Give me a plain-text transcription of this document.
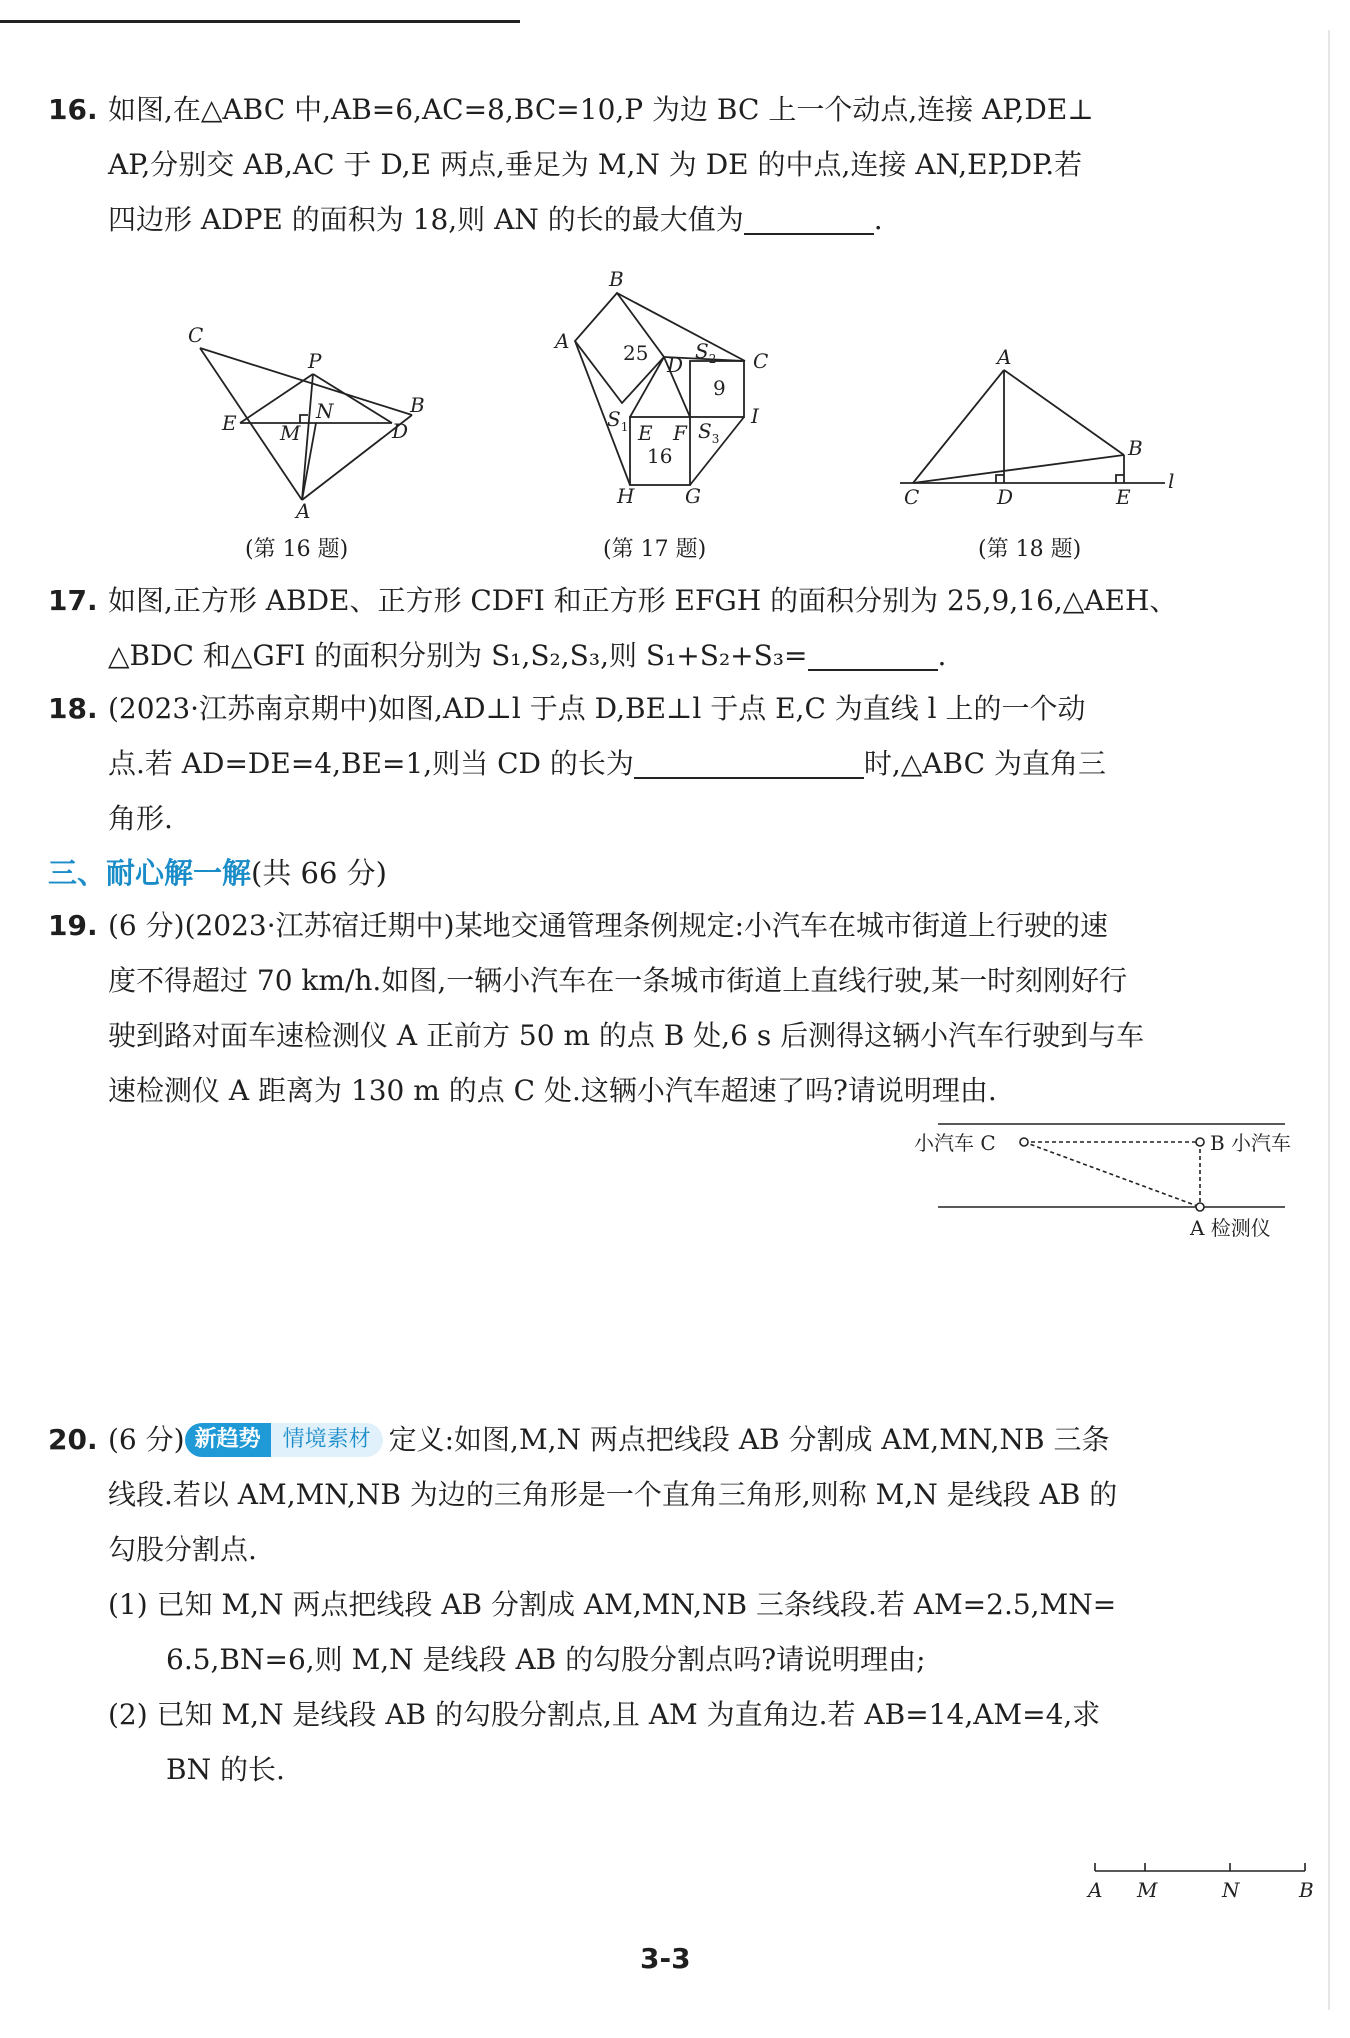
16. 如图,在△ABC 中,AB=6,AC=8,BC=10,P 为边 BC 上一个动点,连接 AP,DE⊥
AP,分别交 AB,AC 于 D,E 两点,垂足为 M,N 为 DE 的中点,连接 AN,EP,DP.若
四边形 ADPE 的面积为 18,则 AN 的长的最大值为	.
C
P
B
E	N
D
M
A
(第 16 题)
B
A
C
D
E F
H	G
I
$S_1$
$S_2$
$S_3$
25
9
16
(第 17 题)
A
B
C	D	E
l
(第 18 题)
17. 如图,正方形 ABDE、正方形 CDFI 和正方形 EFGH 的面积分别为 25,9,16,△AEH、
△BDC 和△GFI 的面积分别为 S₁,S₂,S₃,则 S₁+S₂+S₃=	.
18. (2023·江苏南京期中)如图,AD⊥l 于点 D,BE⊥l 于点 E,C 为直线 l 上的一个动
点.若 AD=DE=4,BE=1,则当 CD 的长为	时,△ABC 为直角三
角形.
三、耐心解一解(共 66 分)
19. (6 分)(2023·江苏宿迁期中)某地交通管理条例规定:小汽车在城市街道上行驶的速
度不得超过 70 km/h.如图,一辆小汽车在一条城市街道上直线行驶,某一时刻刚好行
驶到路对面车速检测仪 A 正前方 50 m 的点 B 处,6 s 后测得这辆小汽车行驶到与车
速检测仪 A 距离为 130 m 的点 C 处.这辆小汽车超速了吗?请说明理由.
小汽车 C	B 小汽车
A 检测仪
20. (6 分) 新趋势 情境素材 定义:如图,M,N 两点把线段 AB 分割成 AM,MN,NB 三条
线段.若以 AM,MN,NB 为边的三角形是一个直角三角形,则称 M,N 是线段 AB 的
勾股分割点.
(1) 已知 M,N 两点把线段 AB 分割成 AM,MN,NB 三条线段.若 AM=2.5,MN=
6.5,BN=6,则 M,N 是线段 AB 的勾股分割点吗?请说明理由;
(2) 已知 M,N 是线段 AB 的勾股分割点,且 AM 为直角边.若 AB=14,AM=4,求
BN 的长.
A M	N	B
3-3
